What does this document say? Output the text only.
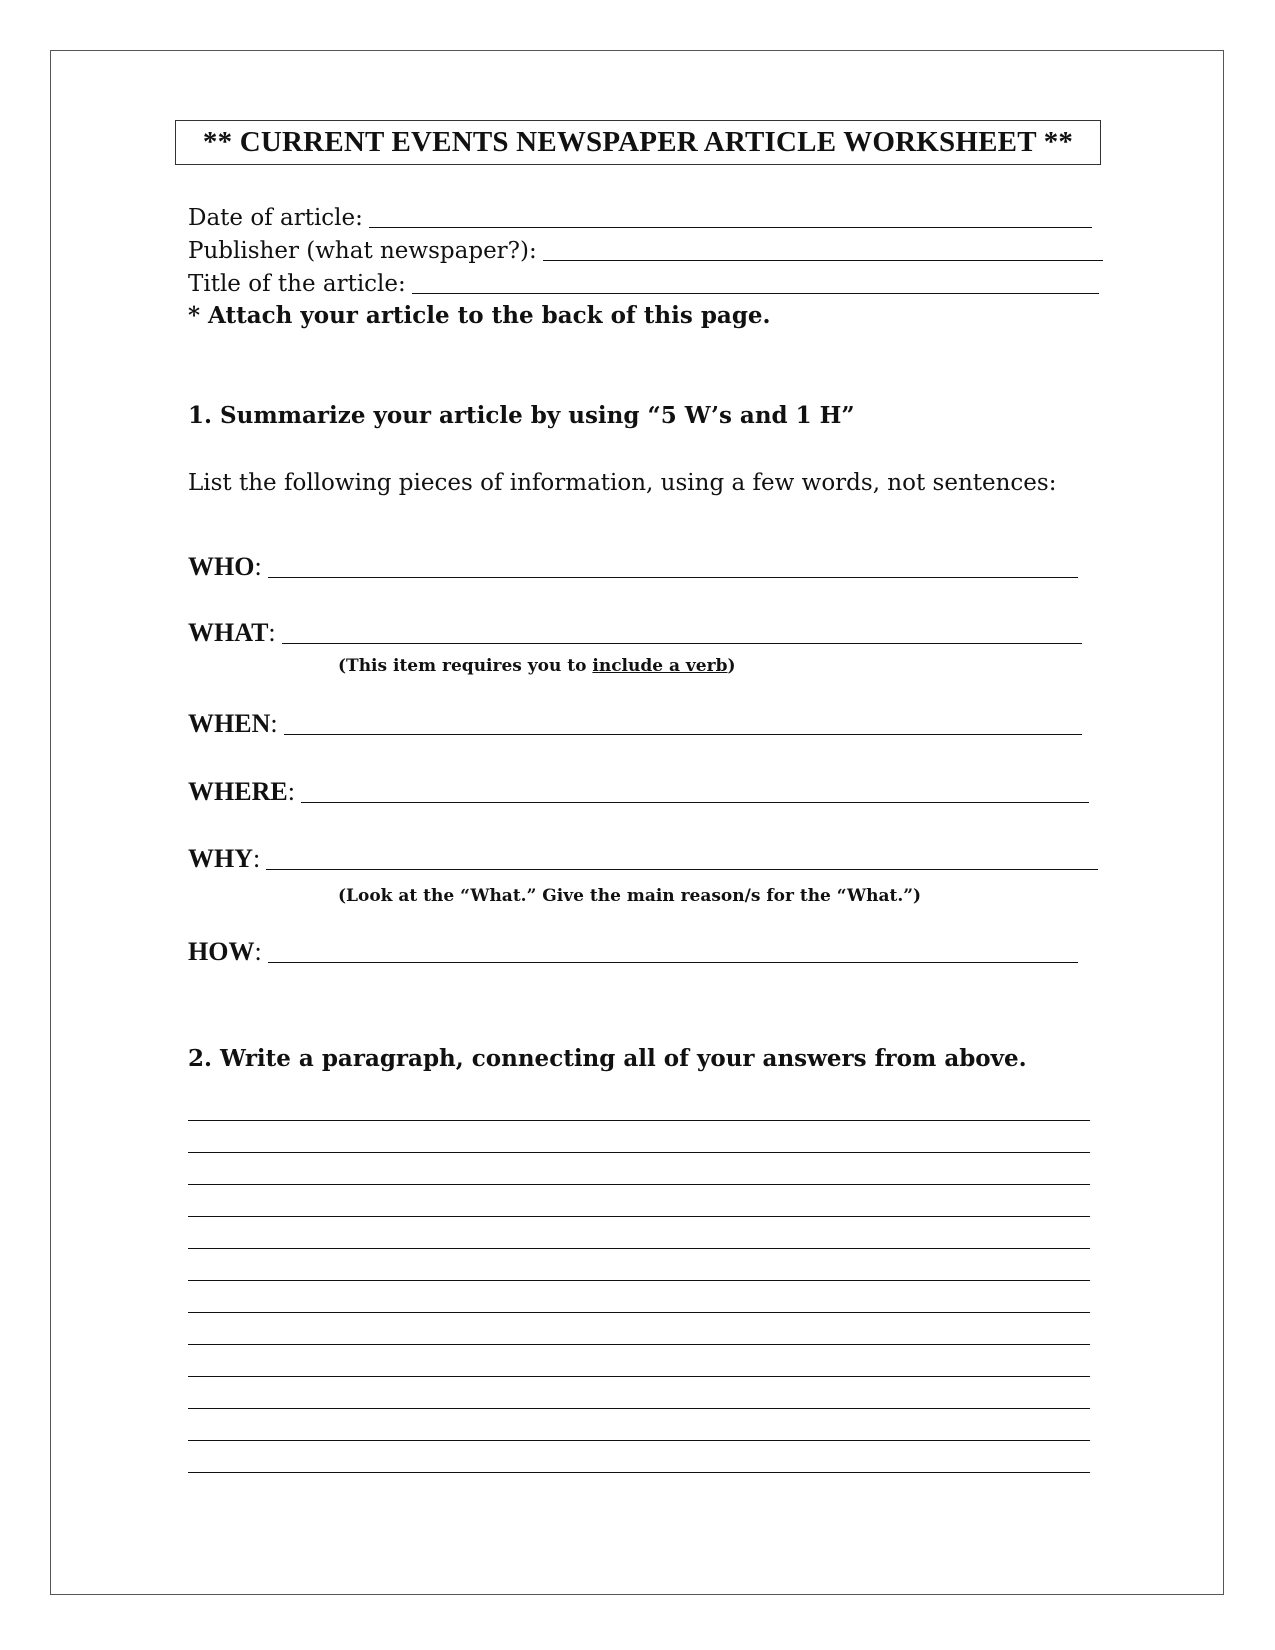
** CURRENT EVENTS NEWSPAPER ARTICLE WORKSHEET **
Date of article:
Publisher (what newspaper?):
Title of the article:
* Attach your article to the back of this page.
1. Summarize your article by using “5 W’s and 1 H”
List the following pieces of information, using a few words, not sentences:
WHO :
WHAT :
(This item requires you to include a verb)
WHEN :
WHERE :
WHY :
(Look at the “What.” Give the main reason/s for the “What.”)
HOW :
2. Write a paragraph, connecting all of your answers from above.
